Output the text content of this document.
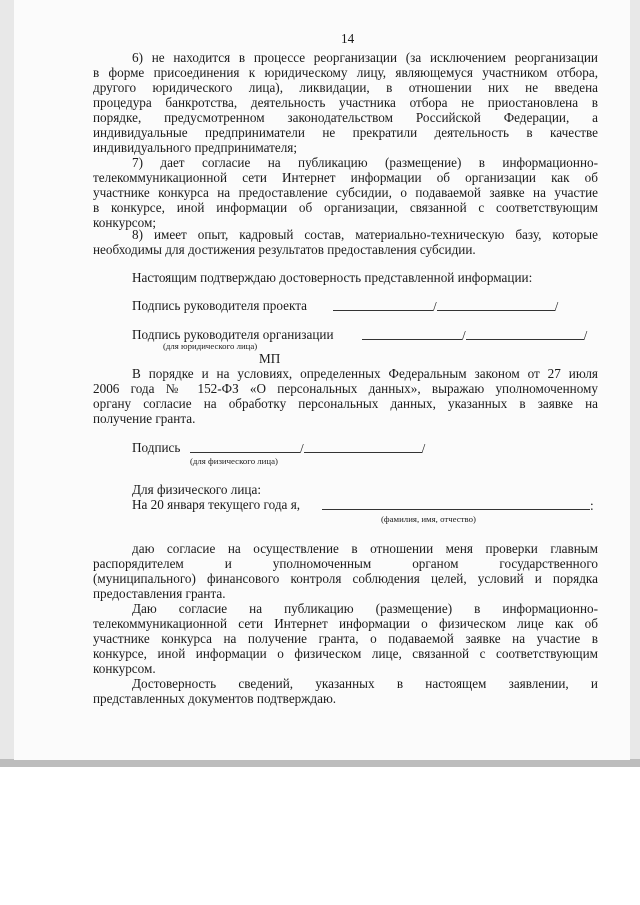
14
6) не находится в процессе реорганизации (за исключением реорганизации
в форме присоединения к юридическому лицу, являющемуся участником отбора,
другого юридического лица), ликвидации, в отношении них не введена
процедура банкротства, деятельность участника отбора не приостановлена в
порядке, предусмотренном законодательством Российской Федерации, а
индивидуальные предприниматели не прекратили деятельность в качестве
индивидуального предпринимателя;
7) дает согласие на публикацию (размещение) в информационно-
телекоммуникационной сети Интернет информации об организации как об
участнике конкурса на предоставление субсидии, о подаваемой заявке на участие
в конкурсе, иной информации об организации, связанной с соответствующим
конкурсом;
8) имеет опыт, кадровый состав, материально-техническую базу, которые
необходимы для достижения результатов предоставления субсидии.
Настоящим подтверждаю достоверность представленной информации:
Подпись руководителя проекта	/	/
Подпись руководителя организации	/	/
(для юридического лица)
МП
В порядке и на условиях, определенных Федеральным законом от 27 июля
2006 года № 152-ФЗ «О персональных данных», выражаю уполномоченному
органу согласие на обработку персональных данных, указанных в заявке на
получение гранта.
Подпись	/	/
(для физического лица)
Для физического лица:
На 20 января текущего года я,	:
(фамилия, имя, отчество)
даю согласие на осуществление в отношении меня проверки главным
распорядителем и уполномоченным органом государственного
(муниципального) финансового контроля соблюдения целей, условий и порядка
предоставления гранта.
Даю согласие на публикацию (размещение) в информационно-
телекоммуникационной сети Интернет информации о физическом лице как об
участнике конкурса на получение гранта, о подаваемой заявке на участие в
конкурсе, иной информации о физическом лице, связанной с соответствующим
конкурсом.
Достоверность сведений, указанных в настоящем заявлении, и
представленных документов подтверждаю.
